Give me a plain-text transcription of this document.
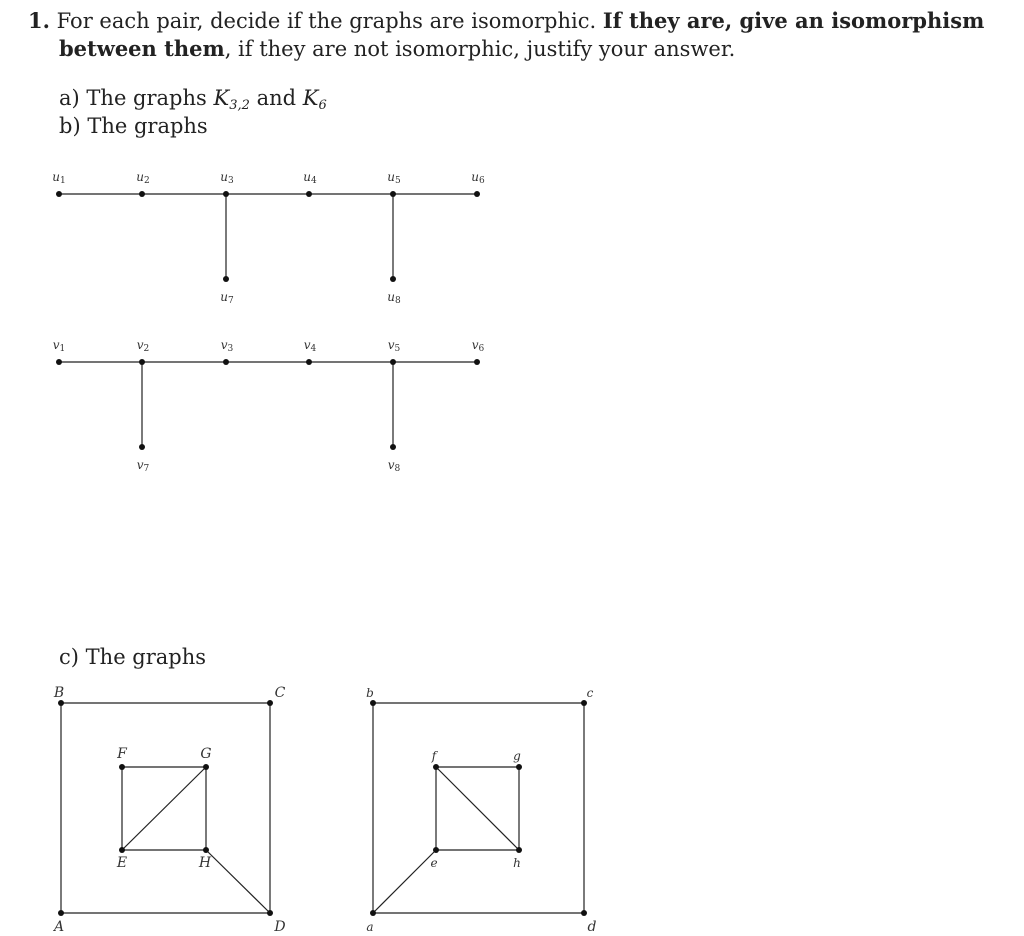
1. For each pair, decide if the graphs are isomorphic. If they are, give an isomorphism
between them, if they are not isomorphic, justify your answer.
a) The graphs K3,2 and K6
b) The graphs
c) The graphs
u1	u2	u3	u4	u5	u6
u7	u8
v1	v2	v3	v4	v5	v6
v7	v8
B	C
A	D
F	G
E	H
b	c
a	d
f	g
e	h
